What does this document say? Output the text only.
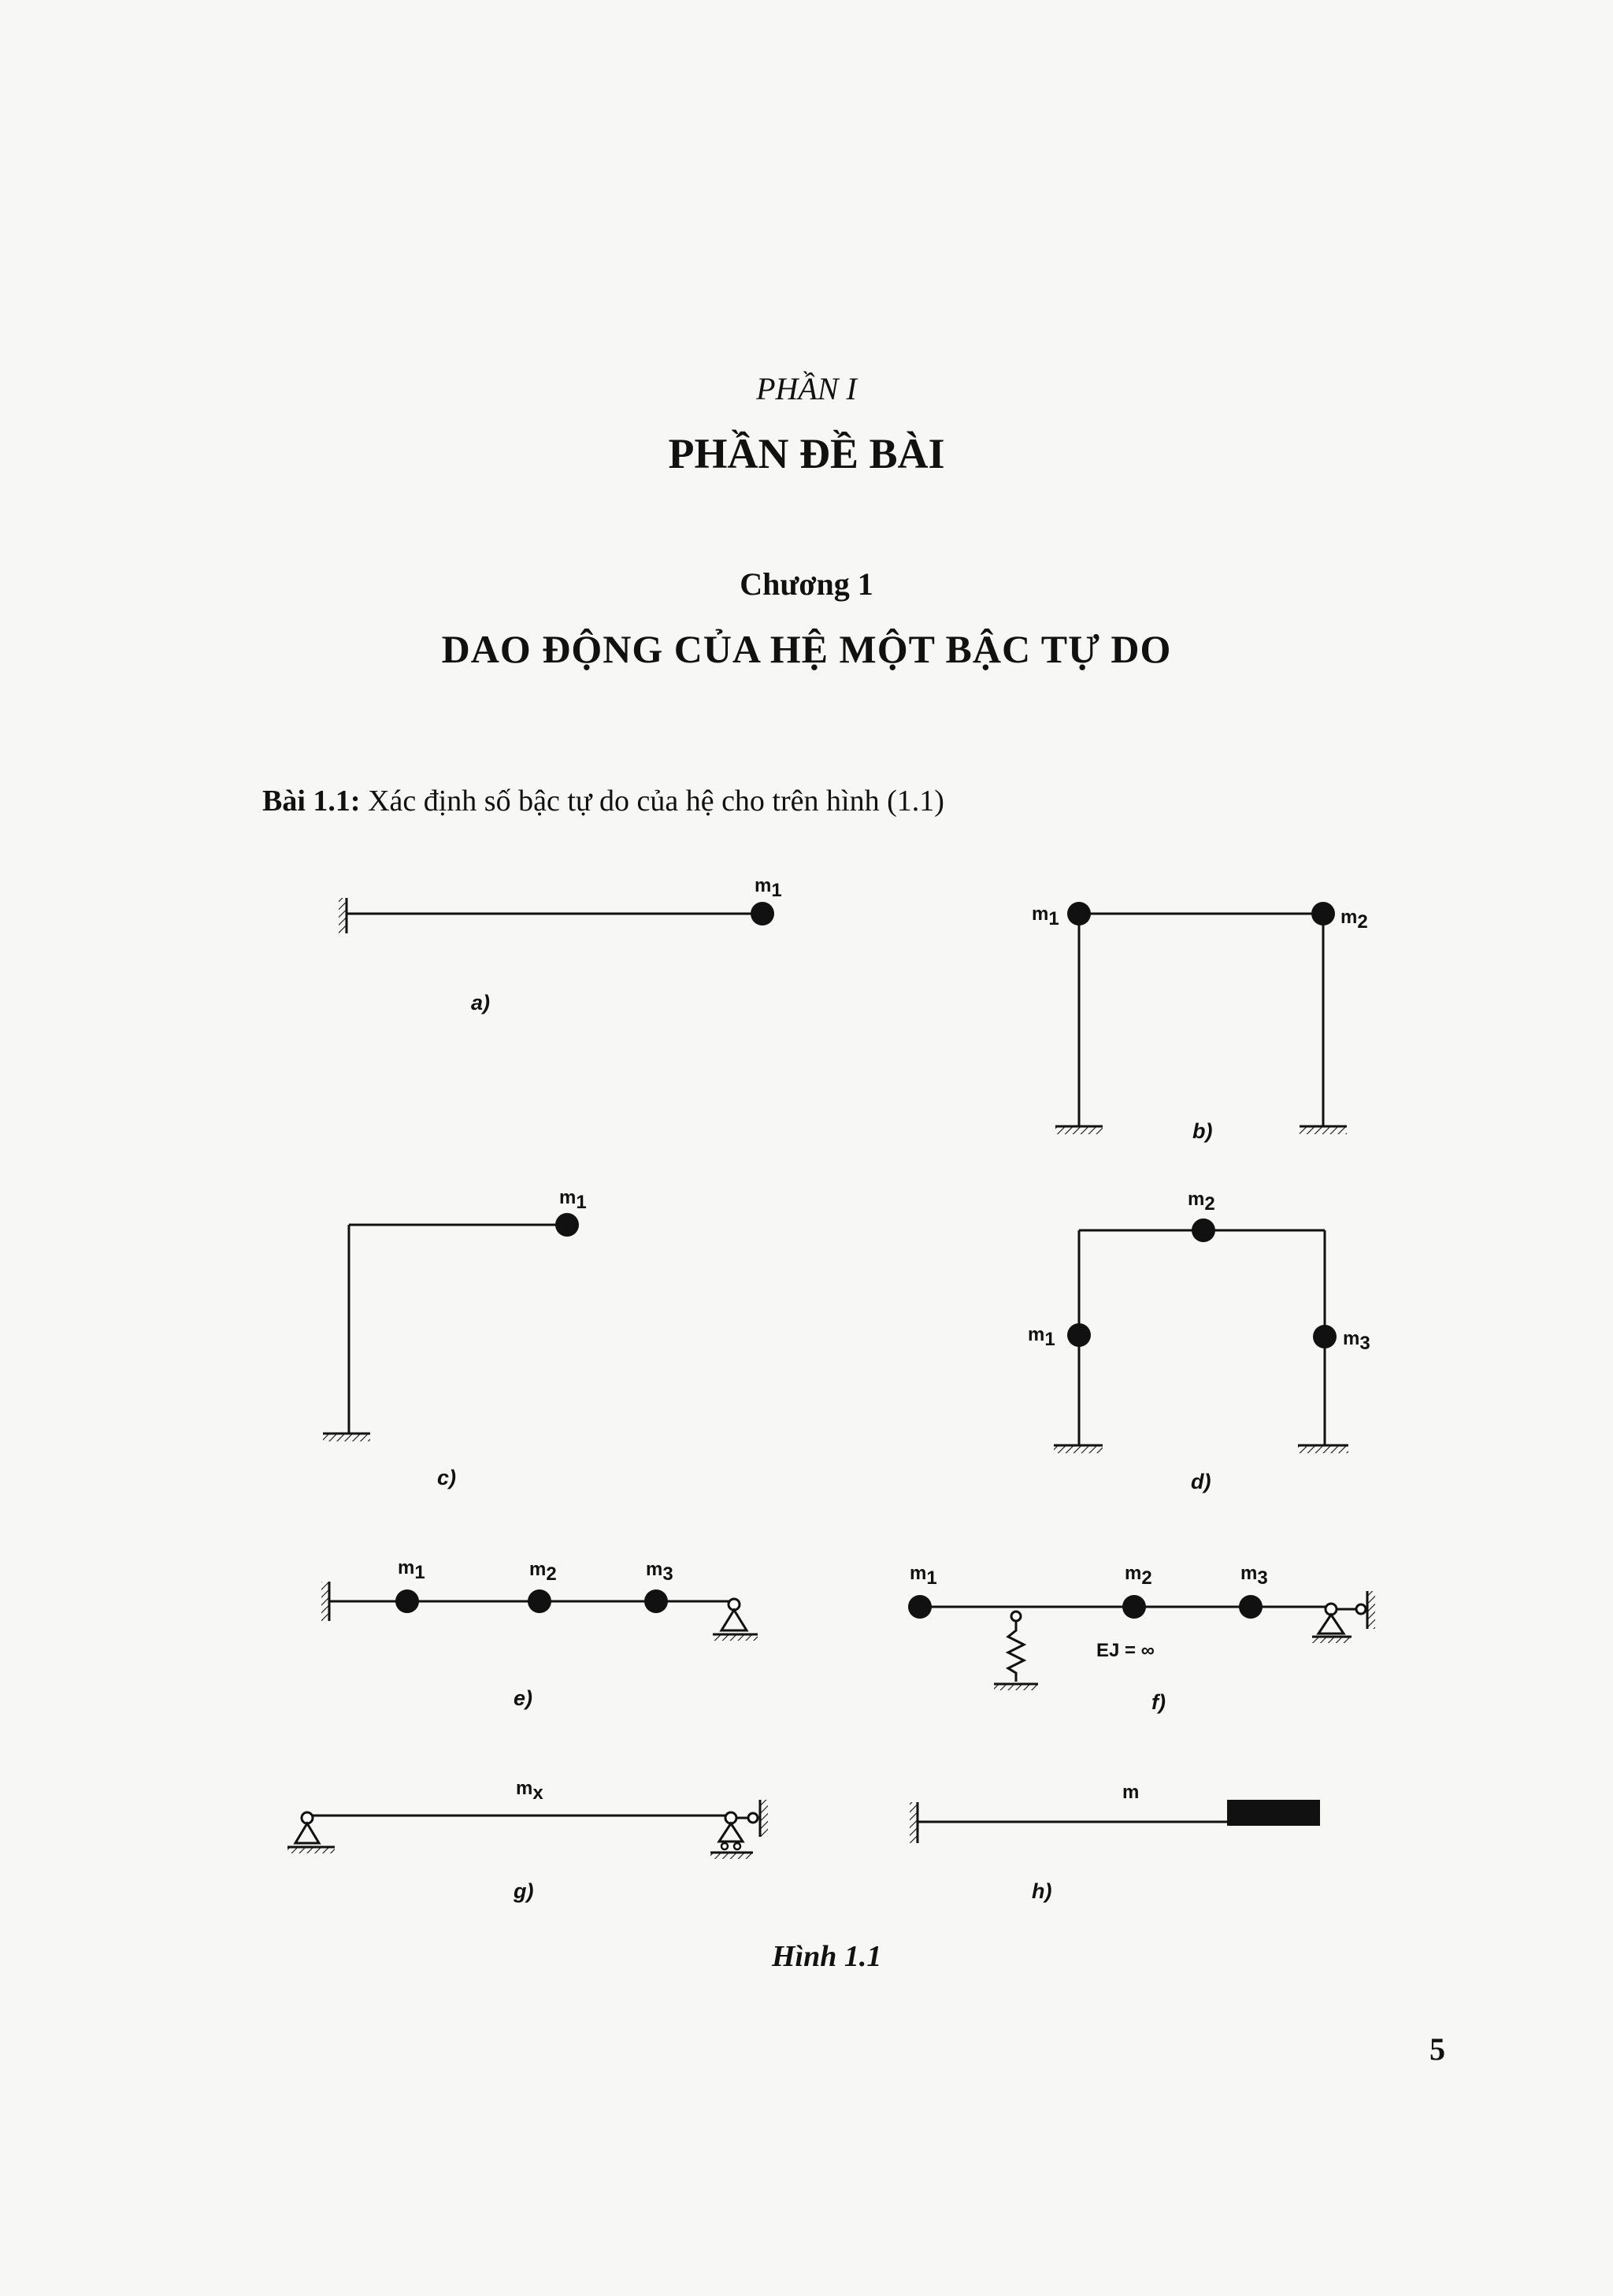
PHẦN I
PHẦN ĐỀ BÀI
Chương 1
DAO ĐỘNG CỦA HỆ MỘT BẬC TỰ DO
Bài 1.1: Xác định số bậc tự do của hệ cho trên hình (1.1)
m1
a)
m1	m2
b)
m1
c)
m2
m1	m3
d)
m1	m2	m3
e)
m1	m2	m3
EJ = ∞
f)
mx
g)
m
h)
Hình 1.1
5
